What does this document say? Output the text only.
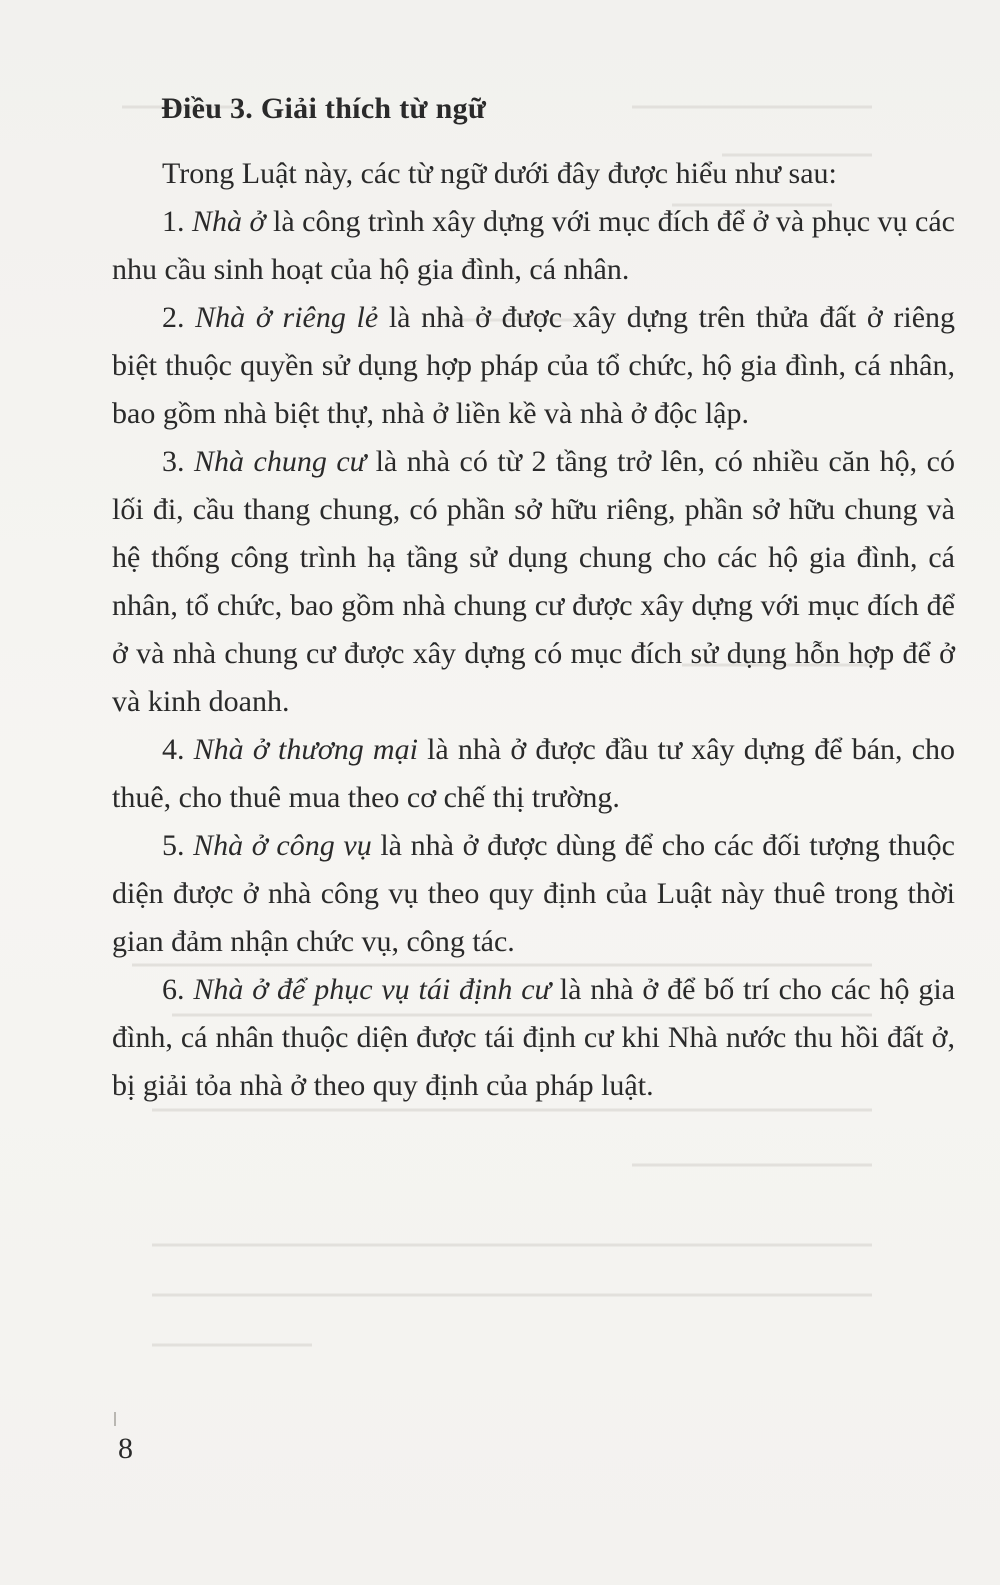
Điều 3. Giải thích từ ngữ

Trong Luật này, các từ ngữ dưới đây được hiểu như sau:

1. Nhà ở là công trình xây dựng với mục đích để ở và phục vụ các nhu cầu sinh hoạt của hộ gia đình, cá nhân.

2. Nhà ở riêng lẻ là nhà ở được xây dựng trên thửa đất ở riêng biệt thuộc quyền sử dụng hợp pháp của tổ chức, hộ gia đình, cá nhân, bao gồm nhà biệt thự, nhà ở liền kề và nhà ở độc lập.

3. Nhà chung cư là nhà có từ 2 tầng trở lên, có nhiều căn hộ, có lối đi, cầu thang chung, có phần sở hữu riêng, phần sở hữu chung và hệ thống công trình hạ tầng sử dụng chung cho các hộ gia đình, cá nhân, tổ chức, bao gồm nhà chung cư được xây dựng với mục đích để ở và nhà chung cư được xây dựng có mục đích sử dụng hỗn hợp để ở và kinh doanh.

4. Nhà ở thương mại là nhà ở được đầu tư xây dựng để bán, cho thuê, cho thuê mua theo cơ chế thị trường.

5. Nhà ở công vụ là nhà ở được dùng để cho các đối tượng thuộc diện được ở nhà công vụ theo quy định của Luật này thuê trong thời gian đảm nhận chức vụ, công tác.

6. Nhà ở để phục vụ tái định cư là nhà ở để bố trí cho các hộ gia đình, cá nhân thuộc diện được tái định cư khi Nhà nước thu hồi đất ở, bị giải tỏa nhà ở theo quy định của pháp luật.

8
